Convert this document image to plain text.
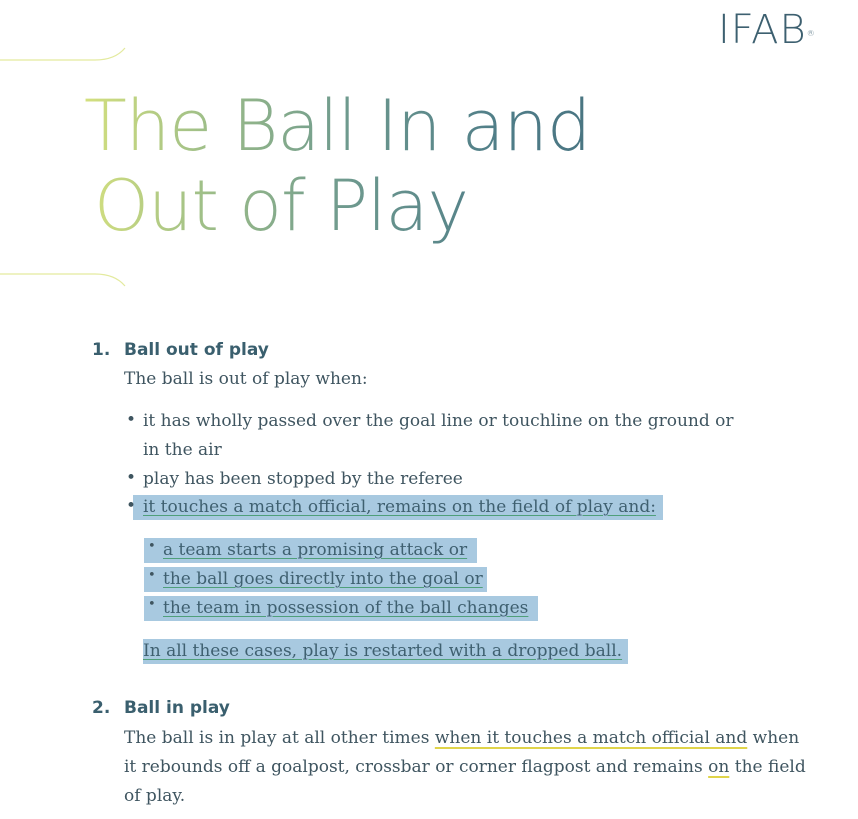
IFAB®
The Ball In and
Out of Play
1. Ball out of play
The ball is out of play when:
• it has wholly passed over the goal line or touchline on the ground or
in the air
• play has been stopped by the referee
• it touches a match official, remains on the field of play and:
• a team starts a promising attack or
• the ball goes directly into the goal or
• the team in possession of the ball changes
In all these cases, play is restarted with a dropped ball.
2. Ball in play
The ball is in play at all other times when it touches a match official and when
it rebounds off a goalpost, crossbar or corner flagpost and remains on the field
of play.
